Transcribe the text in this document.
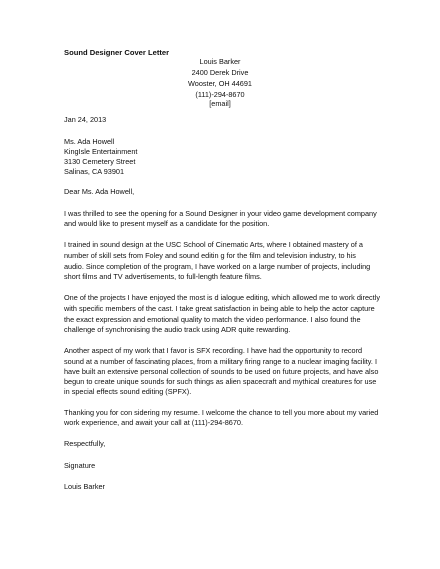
Sound Designer Cover Letter
Louis Barker
2400 Derek Drive
Wooster, OH 44691
(111)-294-8670
[email]
Jan 24, 2013
Ms. Ada Howell
KingIsle Entertainment
3130 Cemetery Street
Salinas, CA 93901
Dear Ms. Ada Howell,
I was thrilled to see the opening for a Sound Designer in your video game development company
and would like to present myself as a candidate for the position.
I trained in sound design at the USC School of Cinematic Arts, where I obtained mastery of a
number of skill sets from Foley and sound editin g for the film and television industry, to his
audio. Since completion of the program, I have worked on a large number of projects, including
short films and TV advertisements, to full-length feature films.
One of the projects I have enjoyed the most is d ialogue editing, which allowed me to work directly
with specific members of the cast. I take great satisfaction in being able to help the actor capture
the exact expression and emotional quality to match the video performance. I also found the
challenge of synchronising the audio track using ADR quite rewarding.
Another aspect of my work that I favor is SFX recording. I have had the opportunity to record
sound at a number of fascinating places, from a military firing range to a nuclear imaging facility. I
have built an extensive personal collection of sounds to be used on future projects, and have also
begun to create unique sounds for such things as alien spacecraft and mythical creatures for use
in special effects sound editing (SPFX).
Thanking you for con sidering my resume. I welcome the chance to tell you more about my varied
work experience, and await your call at (111)-294-8670.
Respectfully,
Signature
Louis Barker
